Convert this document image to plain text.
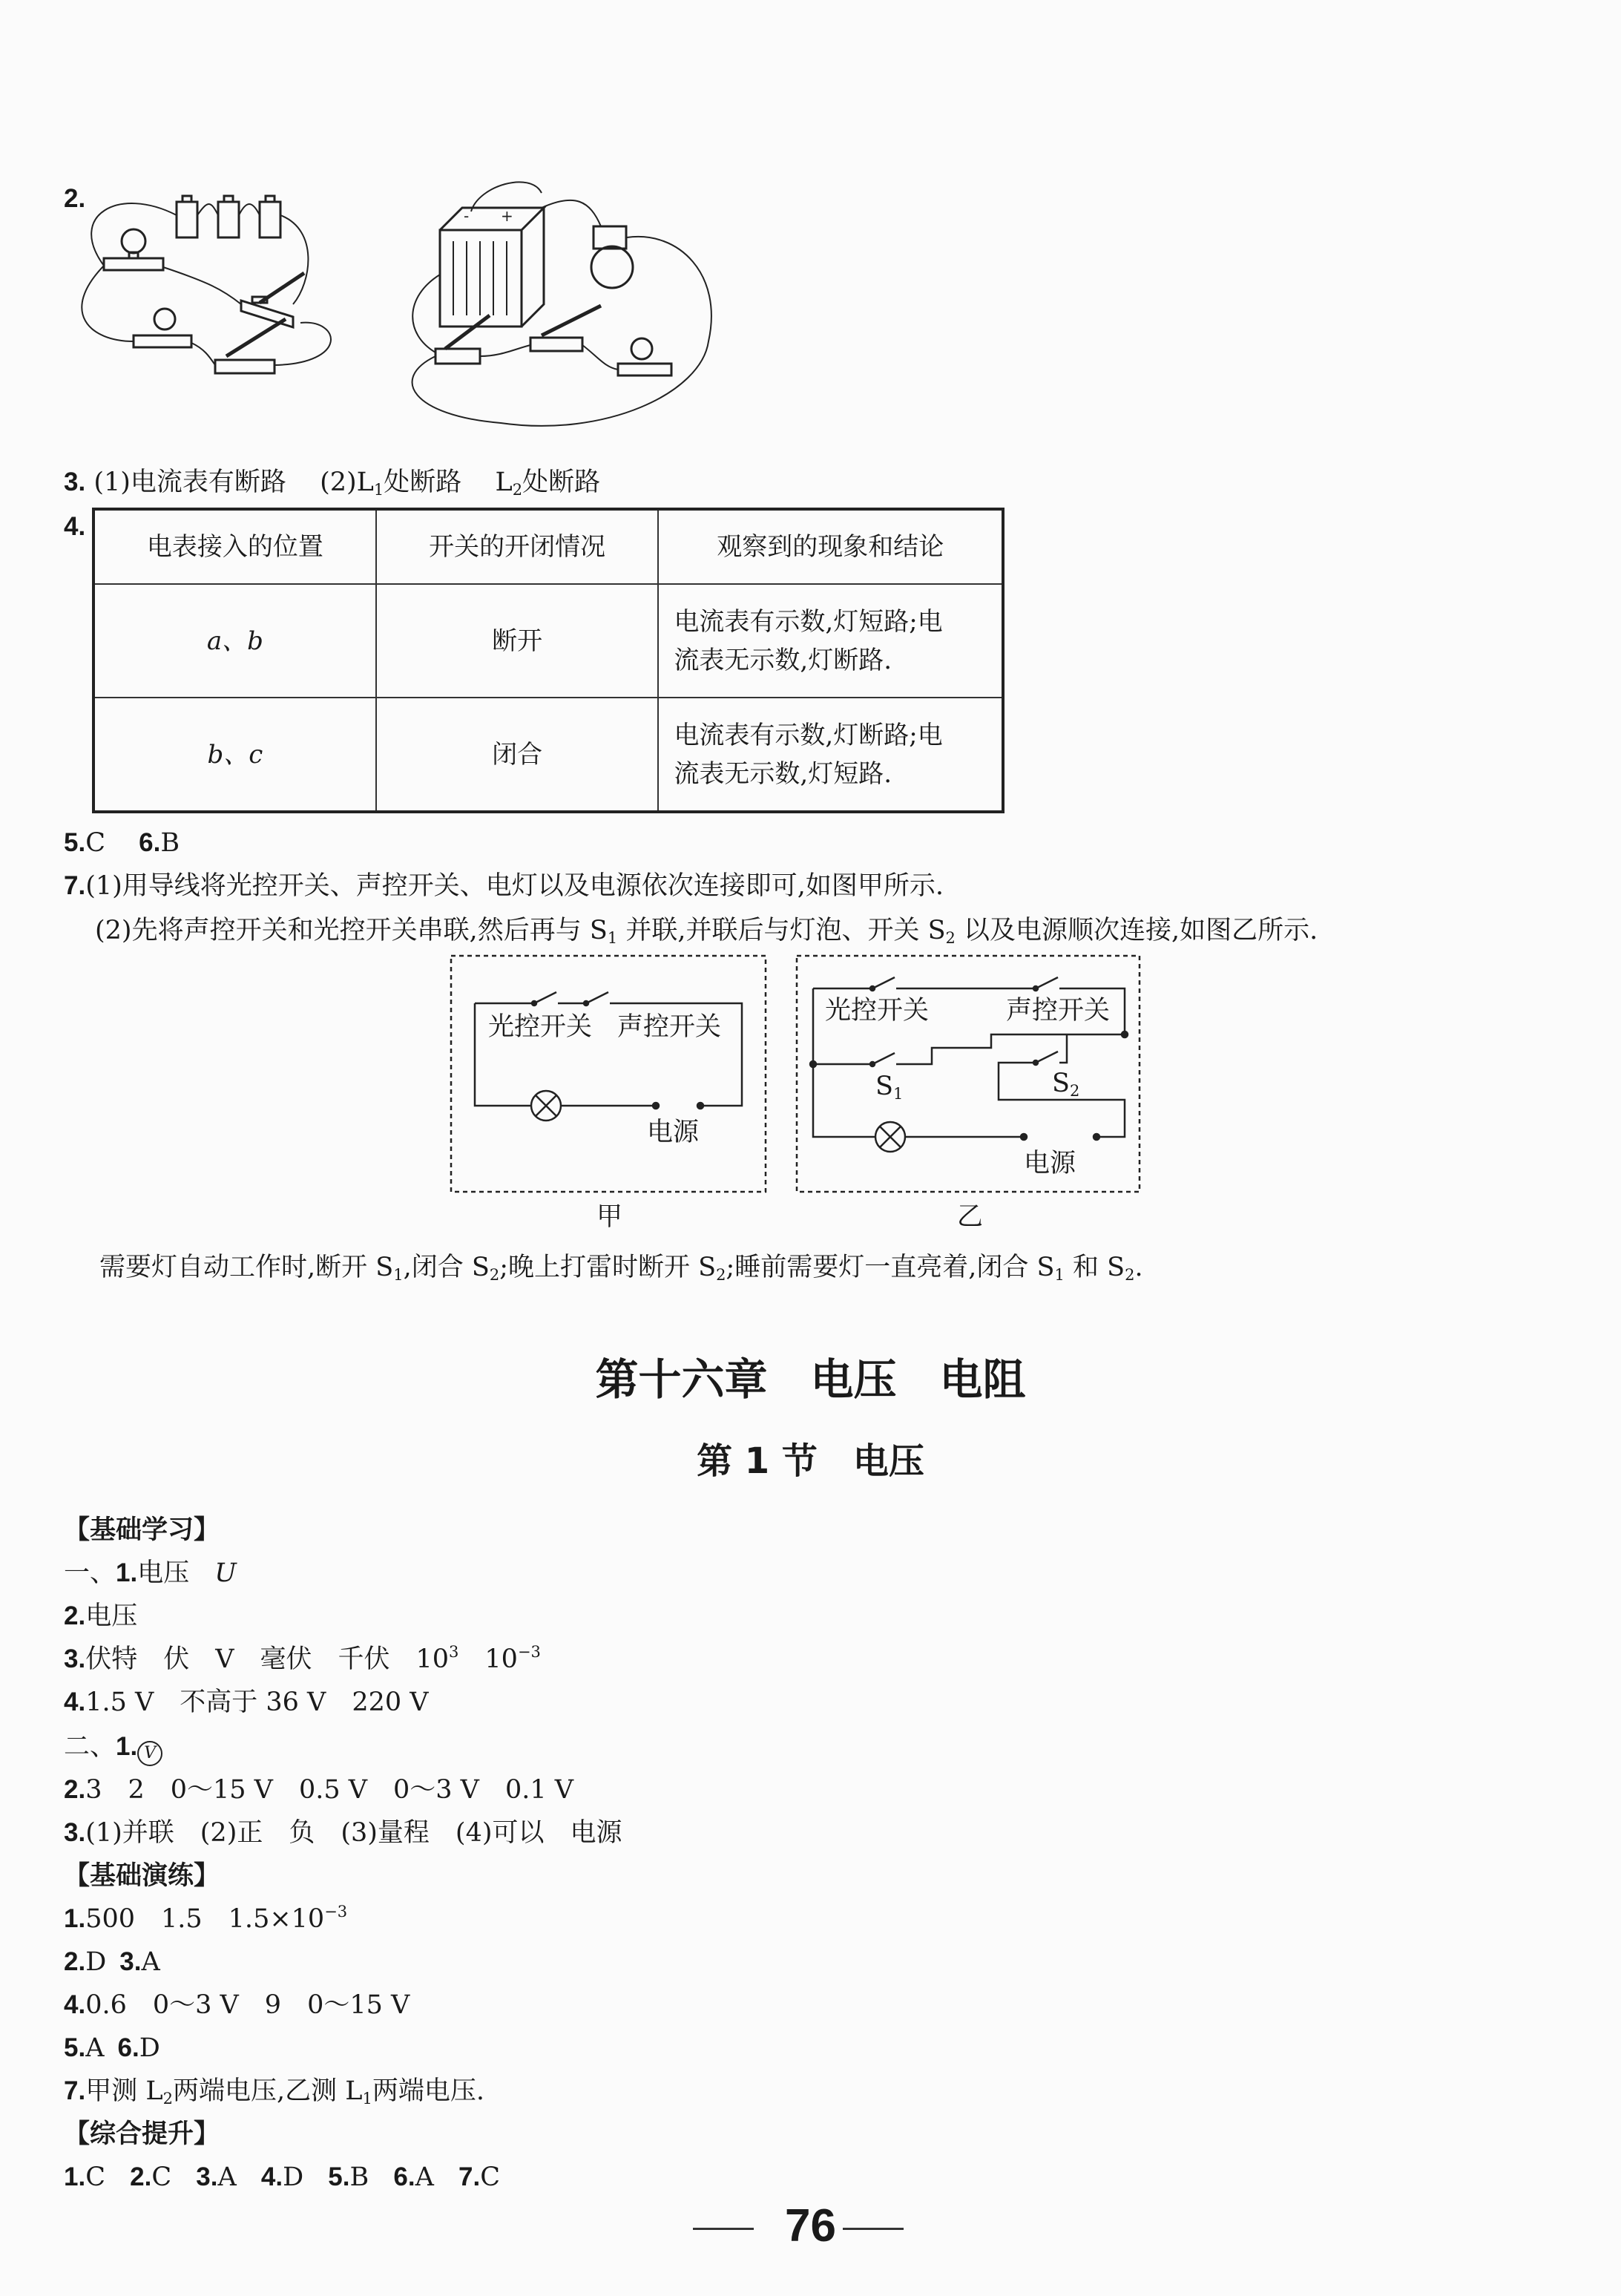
2.
- +
3. (1)电流表有断路 $(2)L_1$处断路 $L_2$处断路
4.
电表接入的位置	开关的开闭情况	观察到的现象和结论
a、b	断开	电流表有示数,灯短路;电
流表无示数,灯断路.

b、c	闭合	电流表有示数,灯断路;电
流表无示数,灯短路.
5.C 6.B
7.(1)用导线将光控开关、声控开关、电灯以及电源依次连接即可,如图甲所示.
(2)先将声控开关和光控开关串联,然后再与 $S_1$ 并联,并联后与灯泡、开关 $S_2$ 以及电源顺次连接,如图乙所示.
光控开关 声控开关
电源
甲
光控开关	声控开关
$S_1$	$S_2$
电源
乙
需要灯自动工作时,断开 $S_1$,闭合 $S_2$;晚上打雷时断开 $S_2$;睡前需要灯一直亮着,闭合 $S_1$ 和 $S_2$.
第十六章　电压　电阻
第 1 节　电压
【基础学习】
一、1.电压 U
2.电压
3.伏特　伏　V　毫伏　千伏　$10^3$　$10^{-3}$
4.1.5 V　不高于 36 V　220 V
二、1. V
2.3　2　0～15 V　0.5 V　0～3 V　0.1 V
3.(1)并联　(2)正　负　(3)量程　(4)可以　电源
【基础演练】
1.500　1.5　$1.5\times 10^{-3}$
2.D 3.A
4.0.6　0～3 V　9　0～15 V
5.A 6.D
7.甲测 $L_2$两端电压,乙测 $L_1$两端电压.
【综合提升】
1.C 2.C 3.A 4.D 5.B 6.A 7.C
76
